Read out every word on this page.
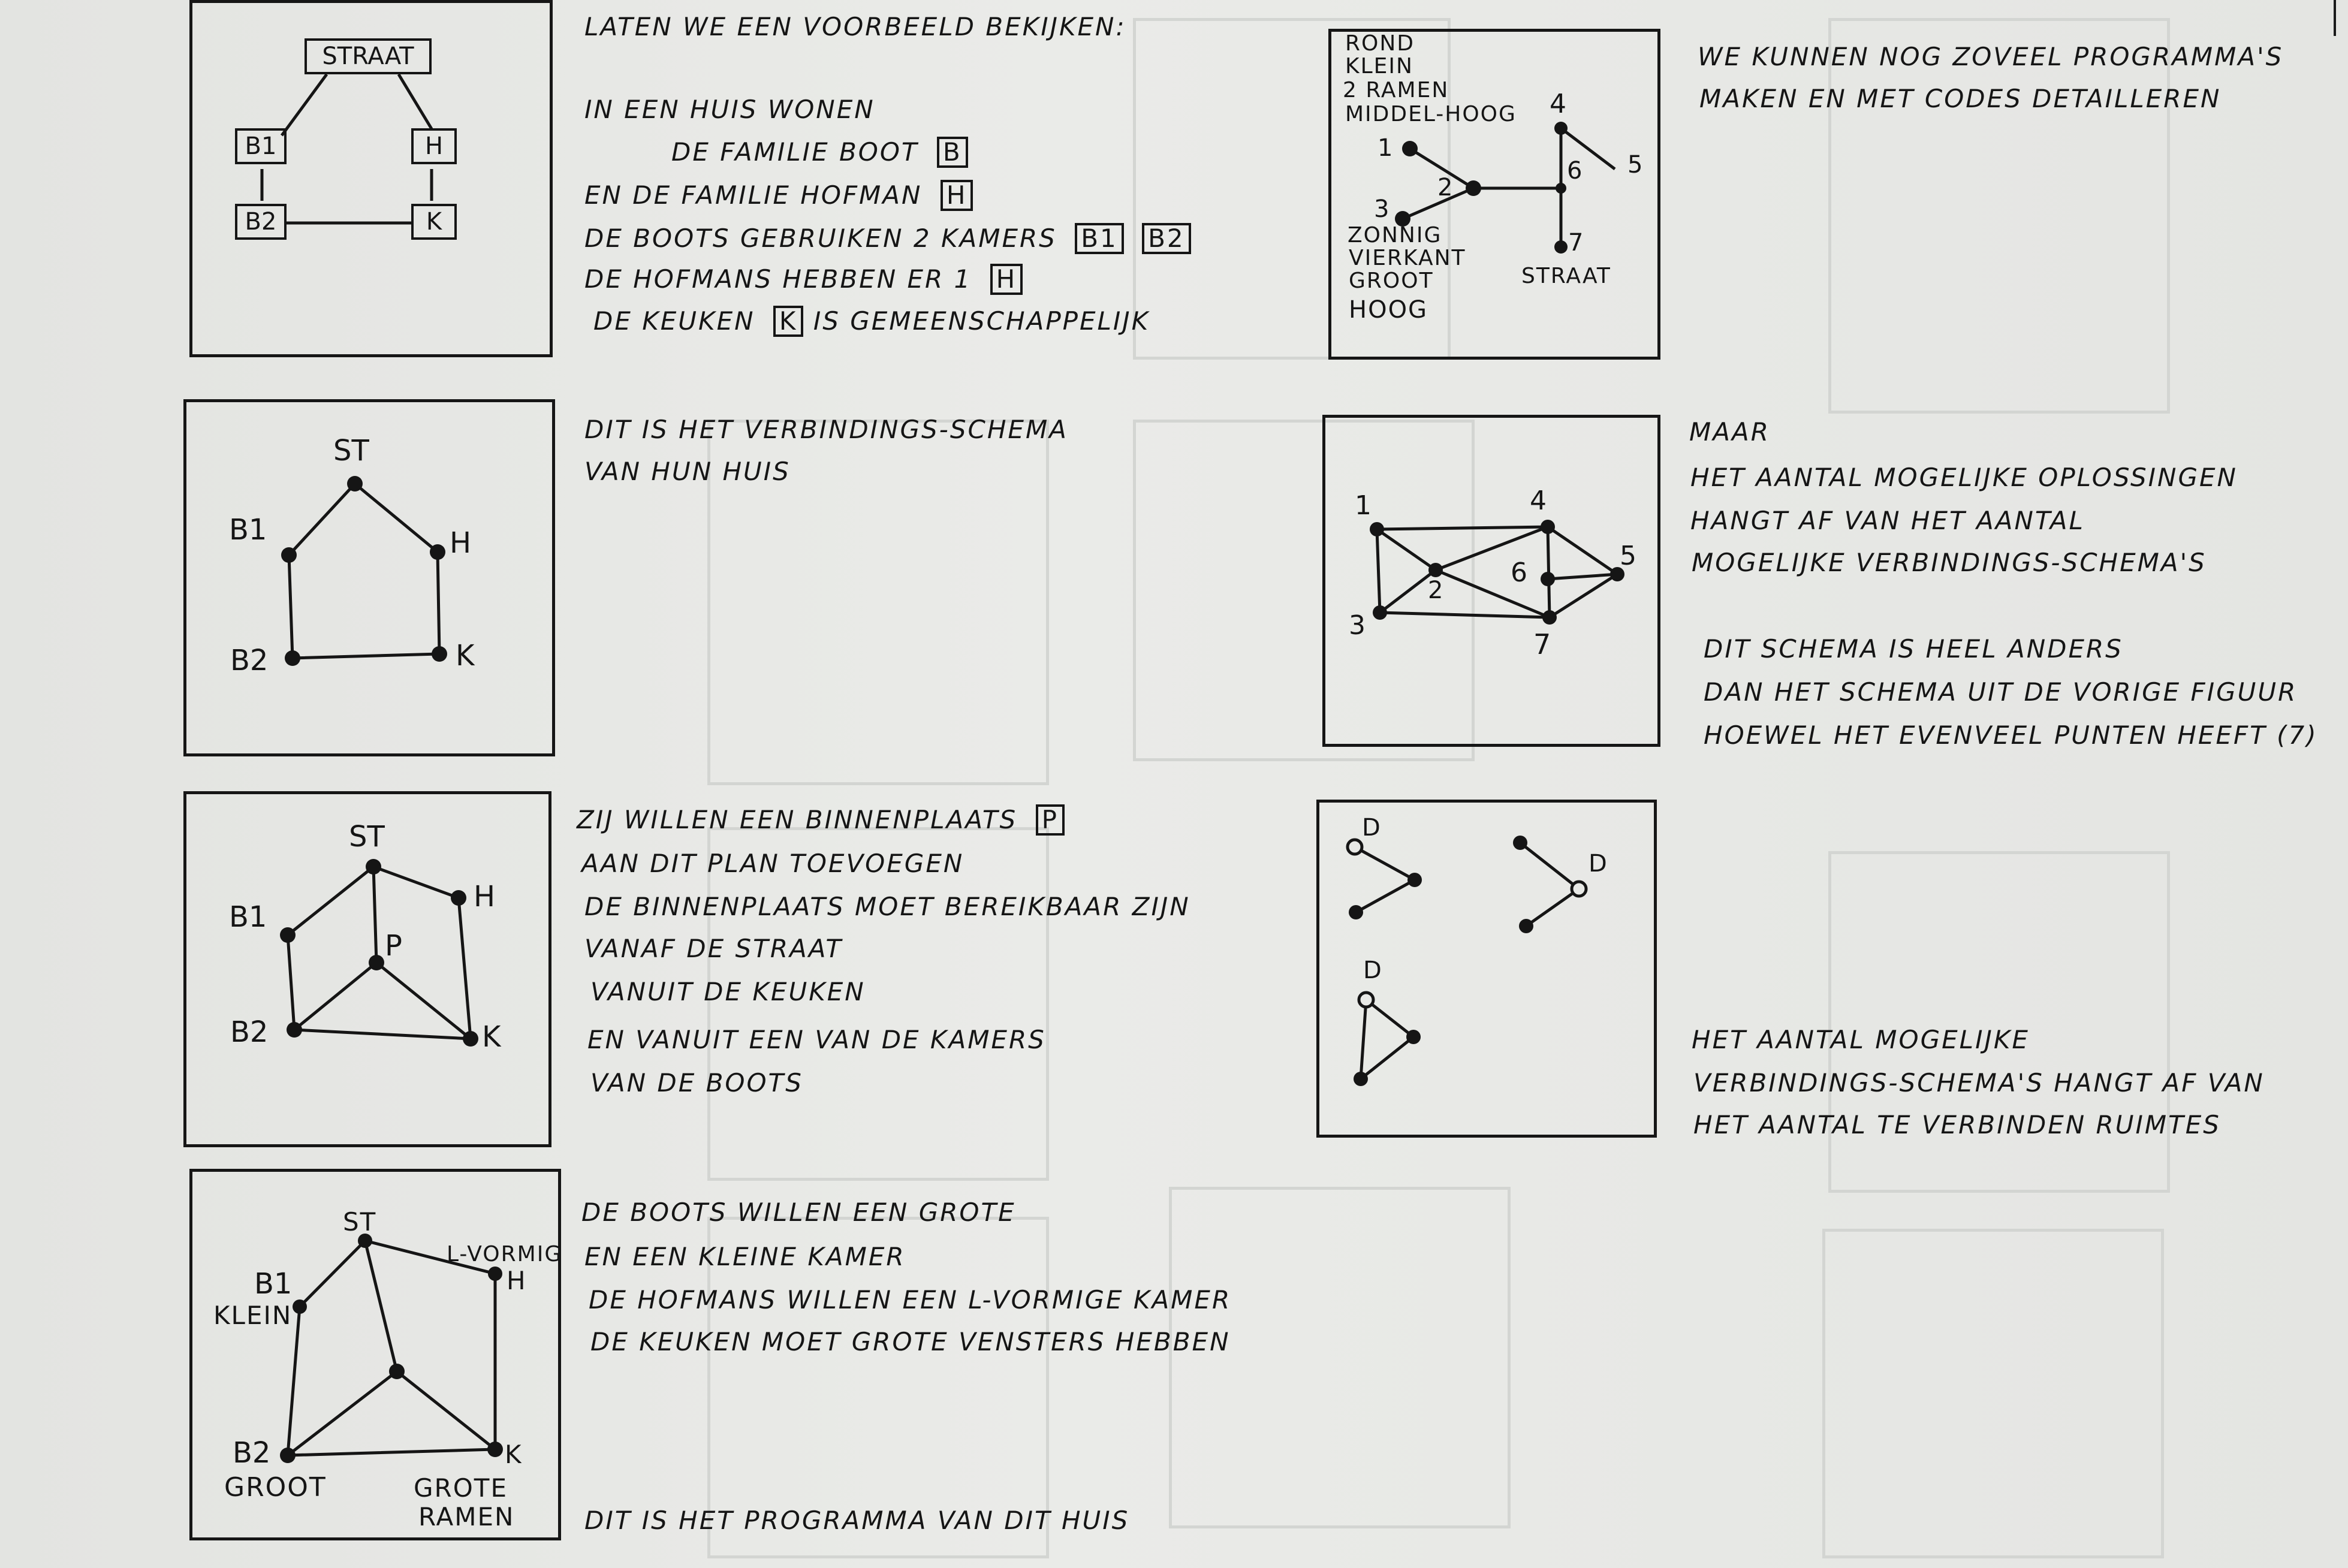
STRAAT
B1	H
B2	K
LATEN WE EEN VOORBEELD BEKIJKEN:
IN EEN HUIS WONEN
DE FAMILIE BOOT B
EN DE FAMILIE HOFMAN H
DE BOOTS GEBRUIKEN 2 KAMERS B1 B2
DE HOFMANS HEBBEN ER 1 H
DE KEUKEN K IS GEMEENSCHAPPELIJK
ST
B1	H
B2	K
DIT IS HET VERBINDINGS-SCHEMA
VAN HUN HUIS
ST
B1
H
P
B2	K
ZIJ WILLEN EEN BINNENPLAATS P
AAN DIT PLAN TOEVOEGEN
DE BINNENPLAATS MOET BEREIKBAAR ZIJN
VANAF DE STRAAT
VANUIT DE KEUKEN
EN VANUIT EEN VAN DE KAMERS
VAN DE BOOTS
ST
L-VORMIG
H
B1
KLEIN
B2
GROOT
K
GROTE
RAMEN
DE BOOTS WILLEN EEN GROTE
EN EEN KLEINE KAMER
DE HOFMANS WILLEN EEN L-VORMIGE KAMER
DE KEUKEN MOET GROTE VENSTERS HEBBEN
DIT IS HET PROGRAMMA VAN DIT HUIS
ROND
KLEIN
2 RAMEN
MIDDEL-HOOG
1
2
3
4
5
6
7
ZONNIG
VIERKANT
GROOT
HOOG
STRAAT
WE KUNNEN NOG ZOVEEL PROGRAMMA'S
MAKEN EN MET CODES DETAILLEREN
1
2
3
4
5
6
7
MAAR
HET AANTAL MOGELIJKE OPLOSSINGEN
HANGT AF VAN HET AANTAL
MOGELIJKE VERBINDINGS-SCHEMA'S
DIT SCHEMA IS HEEL ANDERS
DAN HET SCHEMA UIT DE VORIGE FIGUUR
HOEWEL HET EVENVEEL PUNTEN HEEFT (7)
D
D
D
HET AANTAL MOGELIJKE
VERBINDINGS-SCHEMA'S HANGT AF VAN
HET AANTAL TE VERBINDEN RUIMTES
